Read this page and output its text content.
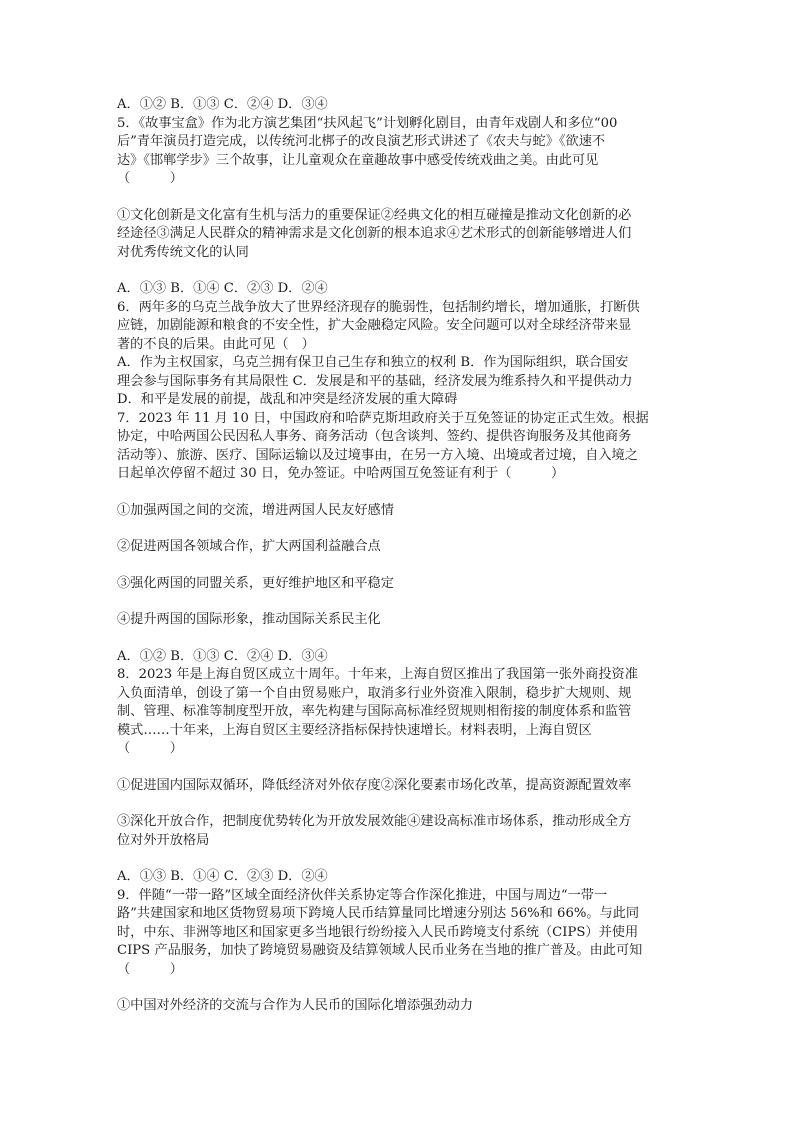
A．①② B．①③ C．②④ D．③④
5．《故事宝盒》作为北方演艺集团“扶风起飞”计划孵化剧目，由青年戏剧人和多位“00
后”青年演员打造完成，以传统河北梆子的改良演艺形式讲述了《农夫与蛇》《欲速不
达》《邯郸学步》三个故事，让儿童观众在童趣故事中感受传统戏曲之美。由此可见
（　　　）
①文化创新是文化富有生机与活力的重要保证②经典文化的相互碰撞是推动文化创新的必
经途径③满足人民群众的精神需求是文化创新的根本追求④艺术形式的创新能够增进人们
对优秀传统文化的认同
A．①③ B．①④ C．②③ D．②④
6．两年多的乌克兰战争放大了世界经济现存的脆弱性，包括制约增长，增加通胀，打断供
应链，加剧能源和粮食的不安全性，扩大金融稳定风险。安全问题可以对全球经济带来显
著的不良的后果。由此可见（　）
A．作为主权国家，乌克兰拥有保卫自己生存和独立的权利 B．作为国际组织，联合国安
理会参与国际事务有其局限性 C．发展是和平的基础，经济发展为维系持久和平提供动力
D．和平是发展的前提，战乱和冲突是经济发展的重大障碍
7．2023 年 11 月 10 日，中国政府和哈萨克斯坦政府关于互免签证的协定正式生效。根据
协定，中哈两国公民因私人事务、商务活动（包含谈判、签约、提供咨询服务及其他商务
活动等）、旅游、医疗、国际运输以及过境事由，在另一方入境、出境或者过境，自入境之
日起单次停留不超过 30 日，免办签证。中哈两国互免签证有利于（　　　）
①加强两国之间的交流，增进两国人民友好感情
②促进两国各领域合作，扩大两国利益融合点
③强化两国的同盟关系，更好维护地区和平稳定
④提升两国的国际形象，推动国际关系民主化
A．①② B．①③ C．②④ D．③④
8．2023 年是上海自贸区成立十周年。十年来，上海自贸区推出了我国第一张外商投资准
入负面清单，创设了第一个自由贸易账户，取消多行业外资准入限制，稳步扩大规则、规
制、管理、标准等制度型开放，率先构建与国际高标准经贸规则相衔接的制度体系和监管
模式……十年来，上海自贸区主要经济指标保持快速增长。材料表明，上海自贸区
（　　　）
①促进国内国际双循环，降低经济对外依存度②深化要素市场化改革，提高资源配置效率
③深化开放合作，把制度优势转化为开放发展效能④建设高标准市场体系，推动形成全方
位对外开放格局
A．①③ B．①④ C．②③ D．②④
9．伴随“一带一路”区域全面经济伙伴关系协定等合作深化推进，中国与周边“一带一
路”共建国家和地区货物贸易项下跨境人民币结算量同比增速分别达 56%和 66%。与此同
时，中东、非洲等地区和国家更多当地银行纷纷接入人民币跨境支付系统（CIPS）并使用
CIPS 产品服务，加快了跨境贸易融资及结算领域人民币业务在当地的推广普及。由此可知
（　　　）
①中国对外经济的交流与合作为人民币的国际化增添强劲动力
